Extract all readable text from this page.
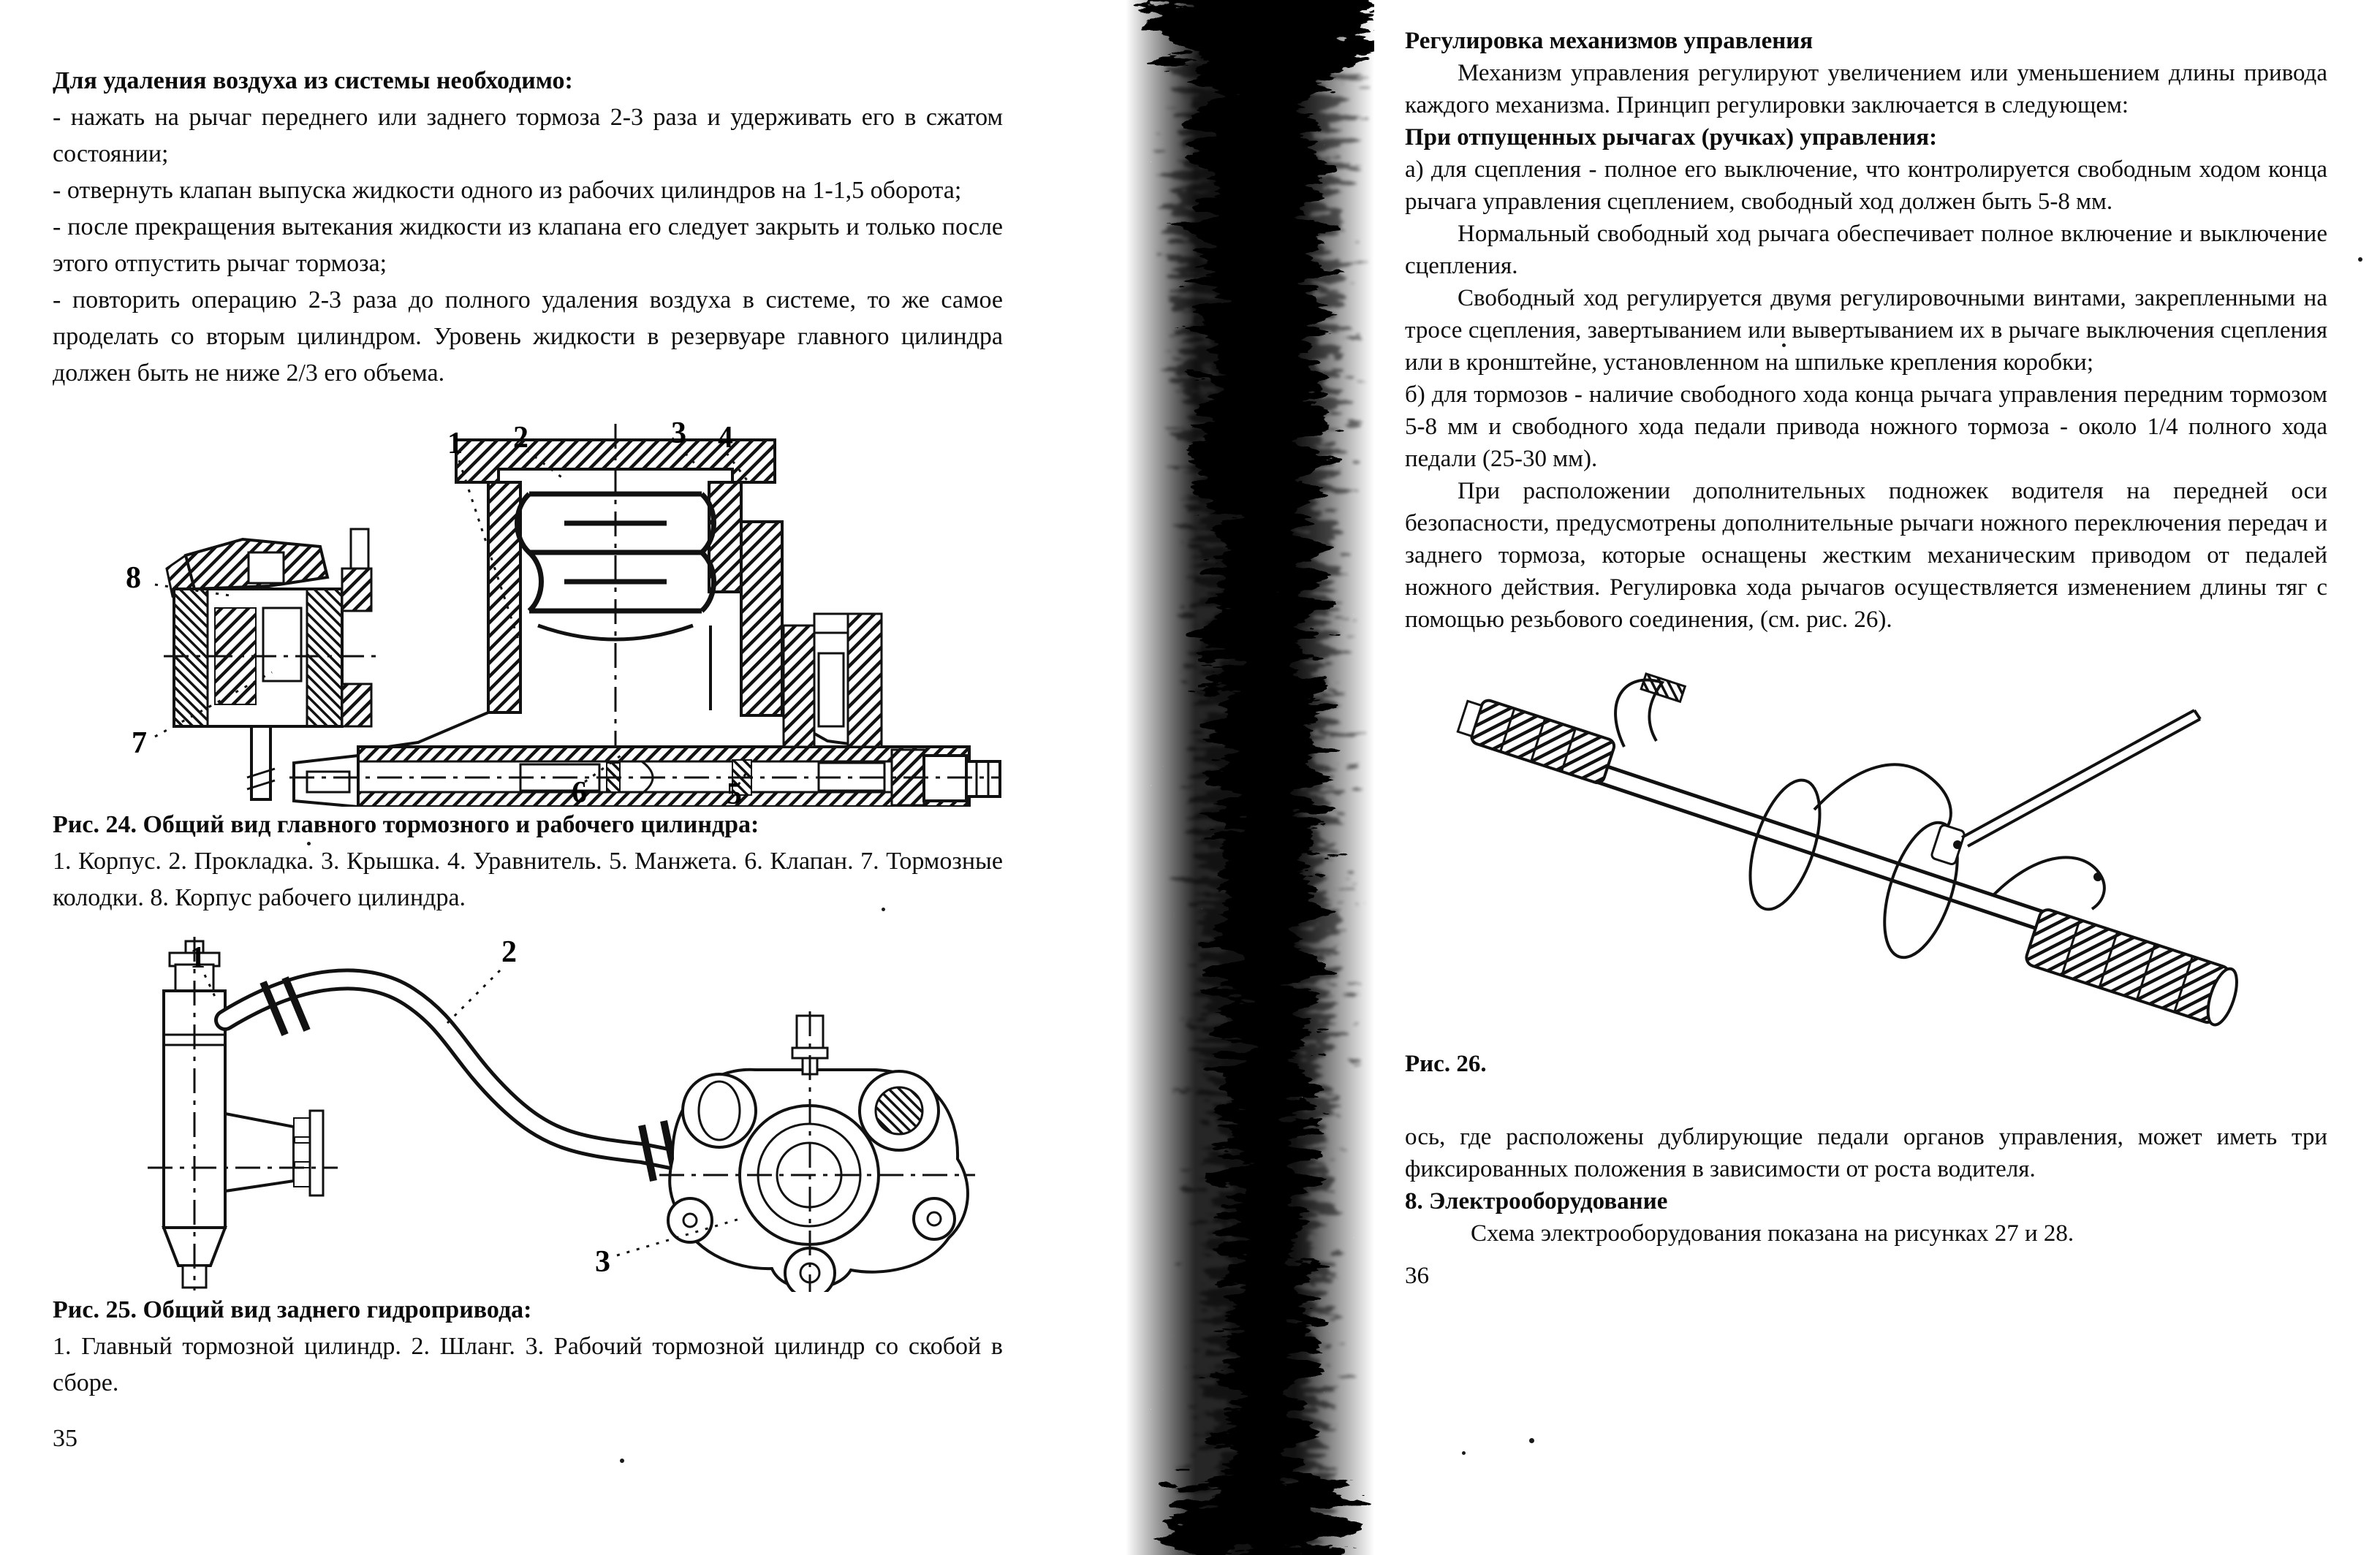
Для удаления воздуха из системы необходимо:

- нажать на рычаг переднего или заднего тормоза 2-3 раза и удерживать его в сжатом состоянии;

- отвернуть клапан выпуска жидкости одного из рабочих цилиндров на 1-1,5 оборота;

- после прекращения вытекания жидкости из клапана его следует закрыть и только после этого отпустить рычаг тормоза;

- повторить операцию 2-3 раза до полного удаления воздуха в системе, то же самое проделать со вторым цилиндром. Уровень жидкости в резервуаре главного цилиндра должен быть не ниже 2/3 его объема.

1 2	3 4
5
6
7
8

Рис. 24. Общий вид главного тормозного и рабочего цилиндра:

1. Корпус. 2. Прокладка. 3. Крышка. 4. Уравнитель. 5. Манжета. 6. Клапан. 7. Тормозные колодки. 8. Корпус рабочего цилиндра.

1	2
3

Рис. 25. Общий вид заднего гидропривода:

1. Главный тормозной цилиндр. 2. Шланг. 3. Рабочий тормозной цилиндр со скобой в сборе.

35

Регулировка механизмов управления

Механизм управления регулируют увеличением или уменьшением длины привода каждого механизма. Принцип регулировки заключается в следующем:

При отпущенных рычагах (ручках) управления:

а) для сцепления - полное его выключение, что контролируется свободным ходом конца рычага управления сцеплением, свободный ход должен быть 5-8 мм.

Нормальный свободный ход рычага обеспечивает полное включение и выключение сцепления.

Свободный ход регулируется двумя регулировочными винтами, закрепленными на тросе сцепления, завертыванием или вывертыванием их в рычаге выключения сцепления или в кронштейне, установленном на шпильке крепления коробки;

б) для тормозов - наличие свободного хода конца рычага управления передним тормозом 5-8 мм и свободного хода педали привода ножного тормоза - около 1/4 полного хода педали (25-30 мм).

При расположении дополнительных подножек водителя на передней оси безопасности, предусмотрены дополнительные рычаги ножного переключения передач и заднего тормоза, которые оснащены жестким механическим приводом от педалей ножного действия. Регулировка хода рычагов осуществляется изменением длины тяг с помощью резьбового соединения, (см. рис. 26).

Рис. 26.

ось, где расположены дублирующие педали органов управления, может иметь три фиксированных положения в зависимости от роста водителя.

8. Электрооборудование

Схема электрооборудования показана на рисунках 27 и 28.

36
